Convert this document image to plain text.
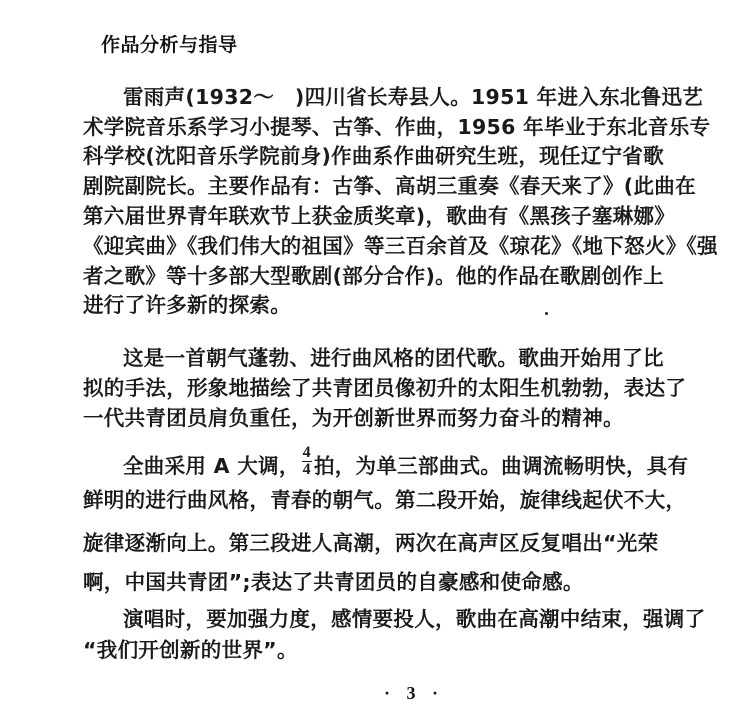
作品分析与指导
雷雨声(1932～　)四川省长寿县人。1951 年进入东北鲁迅艺
术学院音乐系学习小提琴、古筝、作曲，1956 年毕业于东北音乐专
科学校(沈阳音乐学院前身)作曲系作曲研究生班，现任辽宁省歌
剧院副院长。主要作品有：古筝、高胡三重奏《春天来了》(此曲在
第六届世界青年联欢节上获金质奖章)，歌曲有《黑孩子塞琳娜》
《迎宾曲》《我们伟大的祖国》等三百余首及《琼花》《地下怒火》《强
者之歌》等十多部大型歌剧(部分合作)。他的作品在歌剧创作上
进行了许多新的探索。
这是一首朝气蓬勃、进行曲风格的团代歌。歌曲开始用了比
拟的手法，形象地描绘了共青团员像初升的太阳生机勃勃，表达了
一代共青团员肩负重任，为开创新世界而努力奋斗的精神。
全曲采用 A 大调， $\frac{4}{4}$ 拍，为单三部曲式。曲调流畅明快，具有
鲜明的进行曲风格，青春的朝气。第二段开始，旋律线起伏不大，
旋律逐渐向上。第三段进人高潮，两次在高声区反复唱出“光荣
啊，中国共青团”;表达了共青团员的自豪感和使命感。
演唱时，要加强力度，感情要投人，歌曲在高潮中结束，强调了
“我们开创新的世界”。
· 3 ·
